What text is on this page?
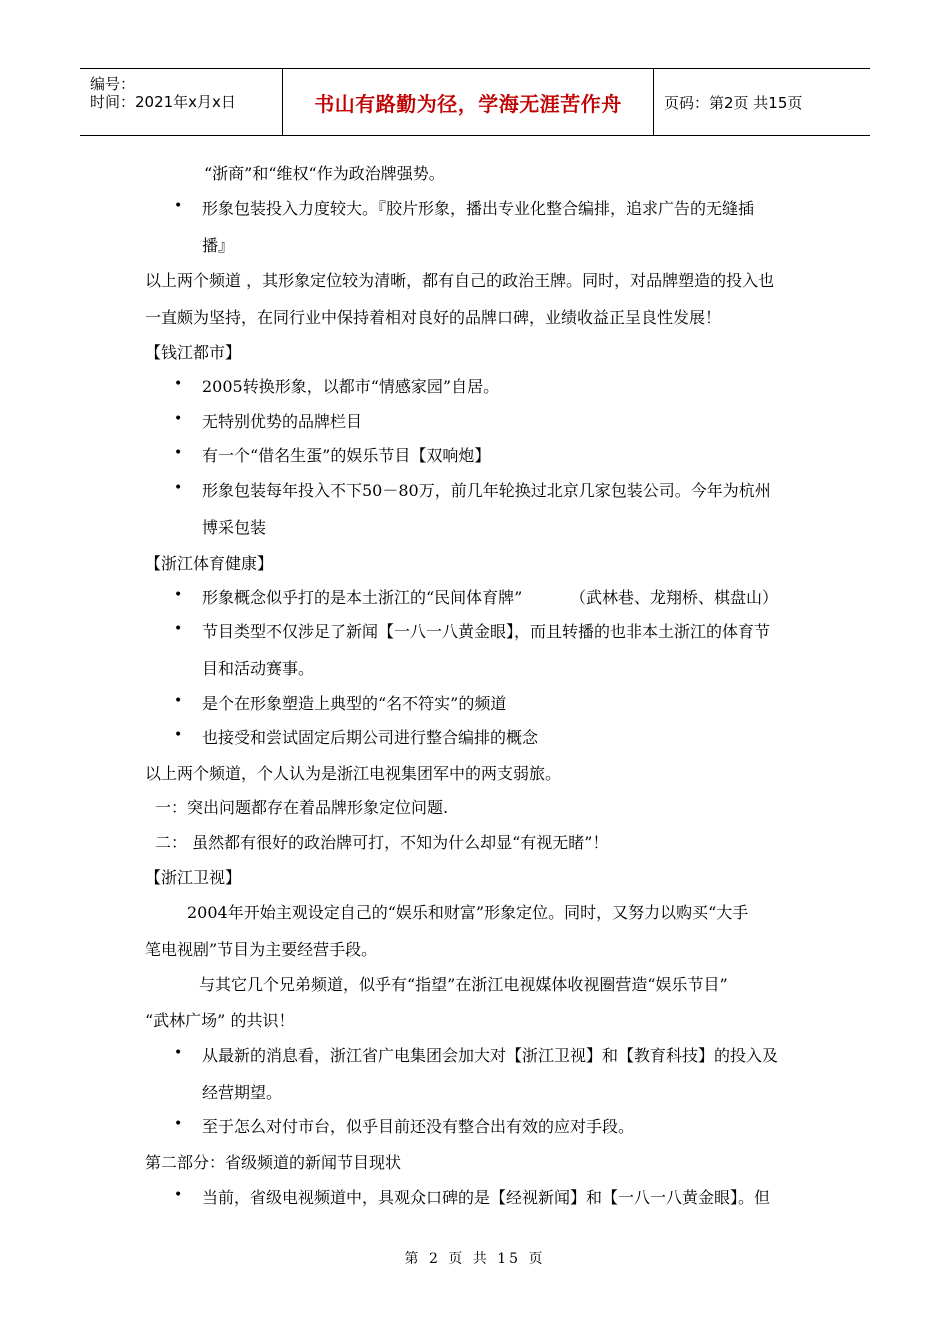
编号：
时间：2021年x月x日	书山有路勤为径，学海无涯苦作舟	页码：第2页 共15页
“浙商”和“维权“作为政治牌强势。
• 形象包装投入力度较大。『胶片形象，播出专业化整合编排，追求广告的无缝插
播』
以上两个频道 ，其形象定位较为清晰，都有自己的政治王牌。同时，对品牌塑造的投入也
一直颇为坚持，在同行业中保持着相对良好的品牌口碑，业绩收益正呈良性发展！
【钱江都市】
• 2005转换形象，以都市“情感家园”自居。
• 无特别优势的品牌栏目
• 有一个“借名生蛋”的娱乐节目【双响炮】
• 形象包装每年投入不下50－80万，前几年轮换过北京几家包装公司。今年为杭州
博采包装
【浙江体育健康】
• 形象概念似乎打的是本土浙江的“民间体育牌”	（武林巷、龙翔桥、棋盘山）
• 节目类型不仅涉足了新闻【一八一八黄金眼】，而且转播的也非本土浙江的体育节
目和活动赛事。
• 是个在形象塑造上典型的“名不符实”的频道
• 也接受和尝试固定后期公司进行整合编排的概念
以上两个频道，个人认为是浙江电视集团军中的两支弱旅。
一：突出问题都存在着品牌形象定位问题.
二： 虽然都有很好的政治牌可打，不知为什么却显“有视无睹”！
【浙江卫视】
2004年开始主观设定自己的“娱乐和财富”形象定位。同时，又努力以购买“大手
笔电视剧”节目为主要经营手段。
与其它几个兄弟频道，似乎有“指望”在浙江电视媒体收视圈营造“娱乐节目”
“武林广场” 的共识！
• 从最新的消息看，浙江省广电集团会加大对【浙江卫视】和【教育科技】的投入及
经营期望。
• 至于怎么对付市台，似乎目前还没有整合出有效的应对手段。
第二部分：省级频道的新闻节目现状
• 当前，省级电视频道中，具观众口碑的是【经视新闻】和【一八一八黄金眼】。但
第 2 页 共 15 页
